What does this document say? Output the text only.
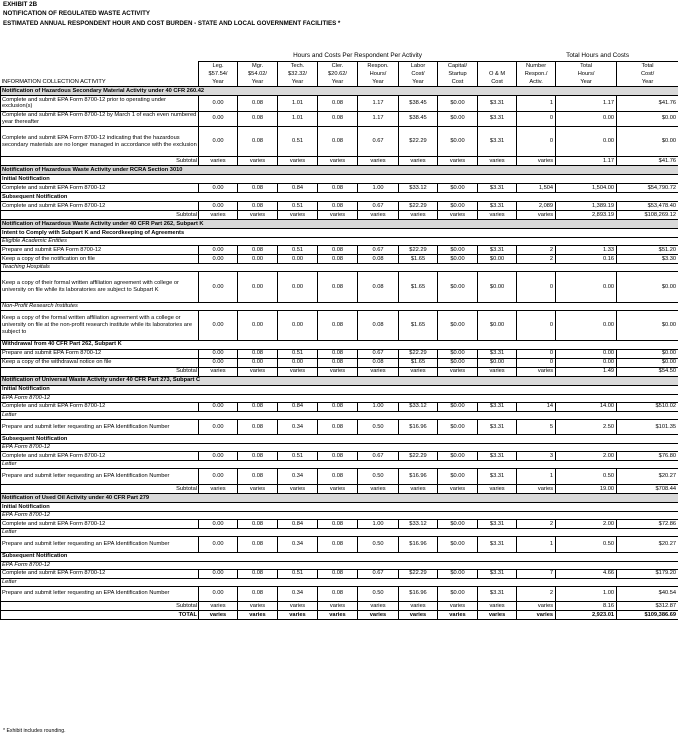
EXHIBIT 2B
NOTIFICATION OF REGULATED WASTE ACTIVITY
ESTIMATED ANNUAL RESPONDENT HOUR AND COST BURDEN - STATE AND LOCAL GOVERNMENT FACILITIES *
	Hours and Costs Per Respondent Per Activity								Total Hours and Costs		
	Leg.	Mgr.	Tech.	Cler.	Respon.	Labor	Capital/		Number	Total	Total
	$57.54/	$54.02/	$32.32/	$20.62/	Hours/	Cost/	Startup	O & M	Respon./	Hours/	Cost/
INFORMATION COLLECTION ACTIVITY	Year	Year	Year	Year	Year	Year	Cost	Cost	Activ.	Year	Year
Notification of Hazardous Secondary Material Activity under 40 CFR 260.42											
Complete and submit EPA Form 8700-12 prior to operating under exclusion(s)	0.00	0.08	1.01	0.08	1.17	$38.45	$0.00	$3.31	1	1.17	$41.76
Complete and submit EPA Form 8700-12 by March 1 of each even numbered year thereafter	0.00	0.08	1.01	0.08	1.17	$38.45	$0.00	$3.31	0	0.00	$0.00
Complete and submit EPA Form 8700-12 indicating that the hazardous secondary materials are no longer managed in accordance with the exclusion	0.00	0.08	0.51	0.08	0.67	$22.29	$0.00	$3.31	0	0.00	$0.00
Subtotal	varies	varies	varies	varies	varies	varies	varies	varies	varies	1.17	$41.76
Notification of Hazardous Waste Activity under RCRA Section 3010											
Initial Notification											
Complete and submit EPA Form 8700-12	0.00	0.08	0.84	0.08	1.00	$33.12	$0.00	$3.31	1,504	1,504.00	$54,790.72
Subsequent Notification											
Complete and submit EPA Form 8700-12	0.00	0.08	0.51	0.08	0.67	$22.29	$0.00	$3.31	2,089	1,389.19	$53,478.40
Subtotal	varies	varies	varies	varies	varies	varies	varies	varies	varies	2,893.19	$108,269.12
Notification of Hazardous Waste Activity under 40 CFR Part 262, Subpart K											
Intent to Comply with Subpart K and Recordkeeping of Agreements											
Eligible Academic Entities											
Prepare and submit EPA Form 8700-12	0.00	0.08	0.51	0.08	0.67	$22.29	$0.00	$3.31	2	1.33	$51.20
Keep a copy of the notification on file	0.00	0.00	0.00	0.08	0.08	$1.65	$0.00	$0.00	2	0.16	$3.30
Teaching Hospitals											
Keep a copy of their formal written affiliation agreement with college or university on file while its laboratories are subject to Subpart K	0.00	0.00	0.00	0.08	0.08	$1.65	$0.00	$0.00	0	0.00	$0.00
Non-Profit Research Institutes											
Keep a copy of the formal written affiliation agreement with a college or university on file at the non-profit research institute while its laboratories are subject to	0.00	0.00	0.00	0.08	0.08	$1.65	$0.00	$0.00	0	0.00	$0.00
Withdrawal from 40 CFR Part 262, Subpart K											
Prepare and submit EPA Form 8700-12	0.00	0.08	0.51	0.08	0.67	$22.29	$0.00	$3.31	0	0.00	$0.00
Keep a copy of the withdrawal notice on file	0.00	0.00	0.00	0.08	0.08	$1.65	$0.00	$0.00	0	0.00	$0.00
Subtotal	varies	varies	varies	varies	varies	varies	varies	varies	varies	1.49	$54.50
Notification of Universal Waste Activity under 40 CFR Part 273, Subpart C											
Initial Notification											
EPA Form 8700-12											
Complete and submit EPA Form 8700-12	0.00	0.08	0.84	0.08	1.00	$33.12	$0.00	$3.31	14	14.00	$510.02
Letter											
Prepare and submit letter requesting an EPA Identification Number	0.00	0.08	0.34	0.08	0.50	$16.96	$0.00	$3.31	5	2.50	$101.35
Subsequent Notification											
EPA Form 8700-12											
Complete and submit EPA Form 8700-12	0.00	0.08	0.51	0.08	0.67	$22.29	$0.00	$3.31	3	2.00	$76.80
Letter											
Prepare and submit letter requesting an EPA Identification Number	0.00	0.08	0.34	0.08	0.50	$16.96	$0.00	$3.31	1	0.50	$20.27
Subtotal	varies	varies	varies	varies	varies	varies	varies	varies	varies	19.00	$708.44
Notification of Used Oil Activity under 40 CFR Part 279											
Initial Notification											
EPA Form 8700-12											
Complete and submit EPA Form 8700-12	0.00	0.08	0.84	0.08	1.00	$33.12	$0.00	$3.31	2	2.00	$72.86
Letter											
Prepare and submit letter requesting an EPA Identification Number	0.00	0.08	0.34	0.08	0.50	$16.96	$0.00	$3.31	1	0.50	$20.27
Subsequent Notification											
EPA Form 8700-12											
Complete and submit EPA Form 8700-12	0.00	0.08	0.51	0.08	0.67	$22.29	$0.00	$3.31	7	4.66	$179.20
Letter											
Prepare and submit letter requesting an EPA Identification Number	0.00	0.08	0.34	0.08	0.50	$16.96	$0.00	$3.31	2	1.00	$40.54
Subtotal	varies	varies	varies	varies	varies	varies	varies	varies	varies	8.16	$312.87
TOTAL	varies	varies	varies	varies	varies	varies	varies	varies	varies	2,923.01	$109,386.69
* Exhibit includes rounding.
